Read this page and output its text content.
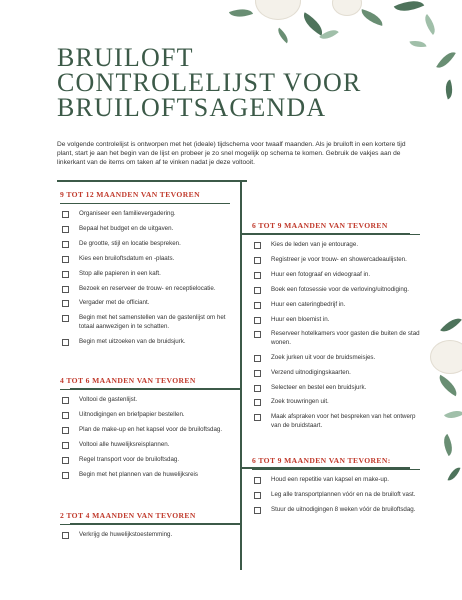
BRUILOFT CONTROLELIJST VOOR BRUILOFTSAGENDA

De volgende controlelijst is ontworpen met het (ideale) tijdschema voor twaalf maanden. Als je bruiloft in een kortere tijd plant, start je aan het begin van de lijst en probeer je zo snel mogelijk op schema te komen. Gebruik de vakjes aan de linkerkant van de items om taken af te vinken nadat je deze voltooit.

9 TOT 12 MAANDEN VAN TEVOREN
Organiseer een familievergadering.
Bepaal het budget en de uitgaven.
De grootte, stijl en locatie bespreken.
Kies een bruiloftsdatum en -plaats.
Stop alle papieren in een kaft.
Bezoek en reserveer de trouw- en receptielocatie.
Vergader met de officiant.
Begin met het samenstellen van de gastenlijst om het totaal aanwezigen in te schatten.
Begin met uitzoeken van de bruidsjurk.
6 TOT 9 MAANDEN VAN TEVOREN
Kies de leden van je entourage.
Registreer je voor trouw- en showercadeaulijsten.
Huur een fotograaf en videograaf in.
Boek een fotosessie voor de verloving/uitnodiging.
Huur een cateringbedrijf in.
Huur een bloemist in.
Reserveer hotelkamers voor gasten die buiten de stad wonen.
Zoek jurken uit voor de bruidsmeisjes.
Verzend uitnodigingskaarten.
Selecteer en bestel een bruidsjurk.
Zoek trouwringen uit.
Maak afspraken voor het bespreken van het ontwerp van de bruidstaart.
4 TOT 6 MAANDEN VAN TEVOREN
Voltooi de gastenlijst.
Uitnodigingen en briefpapier bestellen.
Plan de make-up en het kapsel voor de bruiloftsdag.
Voltooi alle huwelijksreisplannen.
Regel transport voor de bruiloftsdag.
Begin met het plannen van de huwelijksreis
6 TOT 9 MAANDEN VAN TEVOREN:
Houd een repetitie van kapsel en make-up.
Leg alle transportplannen vóór en na de bruiloft vast.
Stuur de uitnodigingen 8 weken vóór de bruiloftsdag.
2 TOT 4 MAANDEN VAN TEVOREN
Verkrijg de huwelijkstoestemming.
